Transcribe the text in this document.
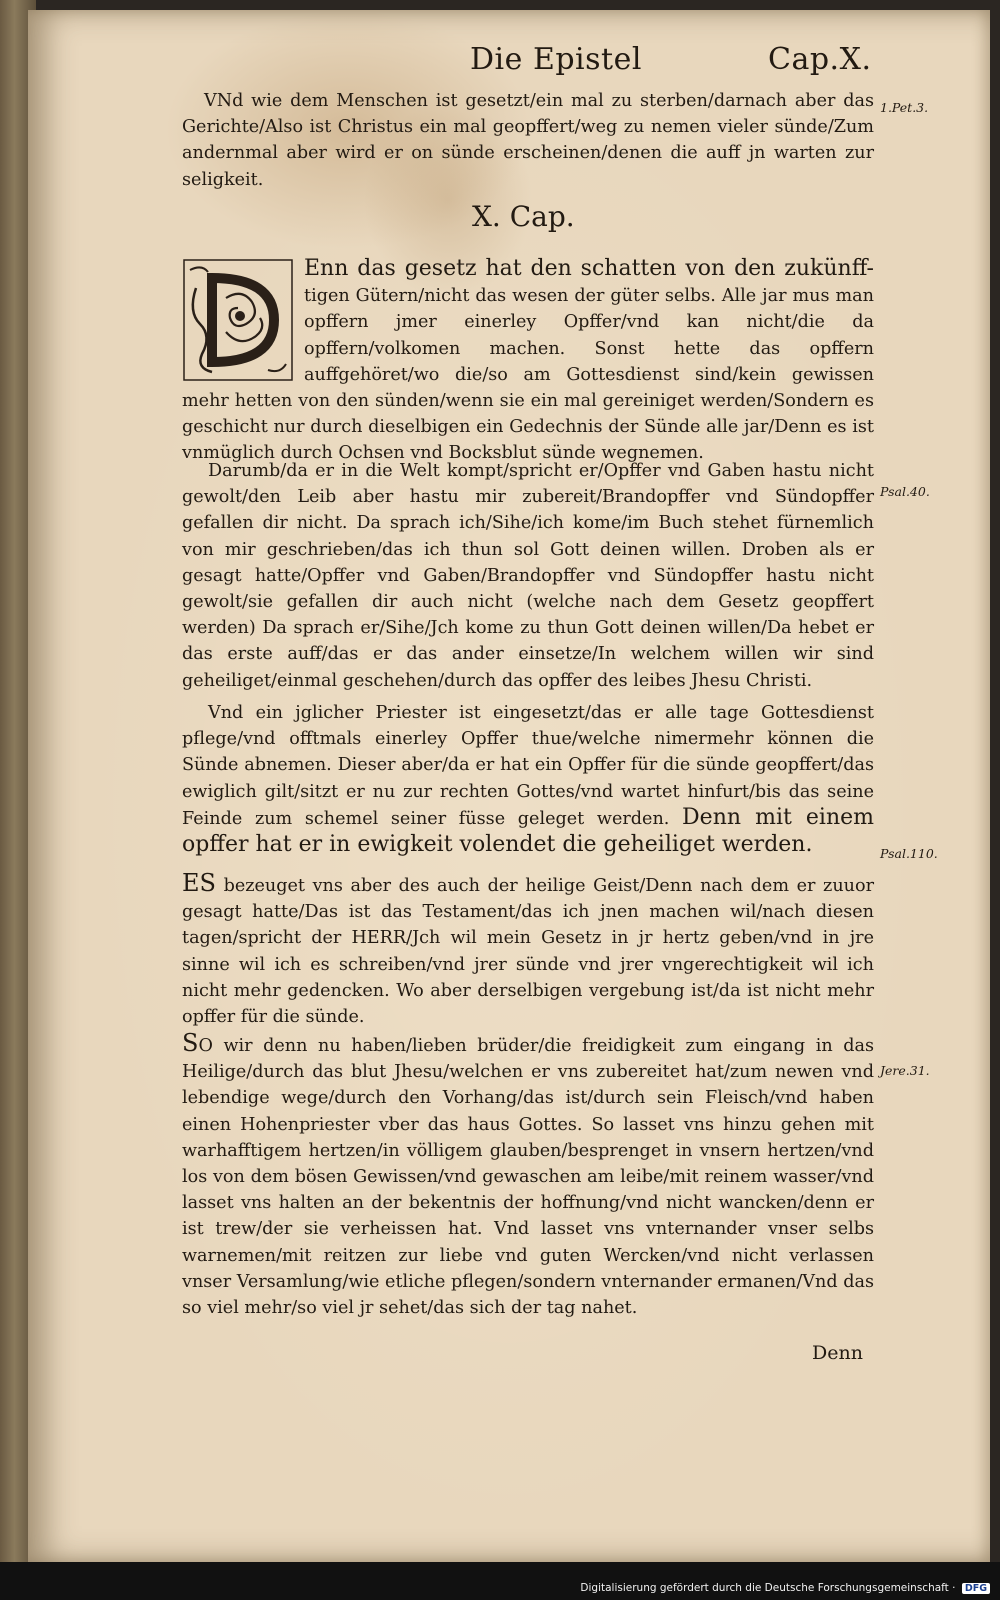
Die Epistel	Cap.X.
1.Pet.3.
Psal.40.
Psal.110.
Jere.31.
VNd wie dem Menschen ist gesetzt/ein mal zu sterben/darnach aber das Gerichte/Also ist Christus ein mal geopffert/weg zu nemen vieler sünde/Zum andernmal aber wird er on sünde erscheinen/denen die auff jn warten zur seligkeit.
X. Cap.
Enn das gesetz hat den schatten von den zukünff- tigen Gütern/nicht das wesen der güter selbs. Alle jar mus man opffern jmer einerley Opffer/vnd kan nicht/die da opffern/volkomen machen. Sonst hette das opffern auffgehöret/wo die/so am Gottesdienst sind/kein gewissen mehr hetten von den sünden/wenn sie ein mal gereiniget werden/Sondern es geschicht nur durch dieselbigen ein Gedechnis der Sünde alle jar/Denn es ist vnmüglich durch Ochsen vnd Bocksblut sünde wegnemen.
Darumb/da er in die Welt kompt/spricht er/Opffer vnd Gaben hastu nicht gewolt/den Leib aber hastu mir zubereit/Brandopffer vnd Sündopffer gefallen dir nicht. Da sprach ich/Sihe/ich kome/im Buch stehet fürnemlich von mir geschrieben/das ich thun sol Gott deinen willen. Droben als er gesagt hatte/Opffer vnd Gaben/Brandopffer vnd Sündopffer hastu nicht gewolt/sie gefallen dir auch nicht (welche nach dem Gesetz geopffert werden) Da sprach er/Sihe/Jch kome zu thun Gott deinen willen/Da hebet er das erste auff/das er das ander einsetze/In welchem willen wir sind geheiliget/einmal geschehen/durch das opffer des leibes Jhesu Christi.
Vnd ein jglicher Priester ist eingesetzt/das er alle tage Gottesdienst pflege/vnd offtmals einerley Opffer thue/welche nimermehr können die Sünde abnemen. Dieser aber/da er hat ein Opffer für die sünde geopffert/das ewiglich gilt/sitzt er nu zur rechten Gottes/vnd wartet hinfurt/bis das seine Feinde zum schemel seiner füsse geleget werden. Denn mit einem opffer hat er in ewigkeit volendet die geheiliget werden.
ES bezeuget vns aber des auch der heilige Geist/Denn nach dem er zuuor gesagt hatte/Das ist das Testament/das ich jnen machen wil/nach diesen tagen/spricht der HERR/Jch wil mein Gesetz in jr hertz geben/vnd in jre sinne wil ich es schreiben/vnd jrer sünde vnd jrer vngerechtigkeit wil ich nicht mehr gedencken. Wo aber derselbigen vergebung ist/da ist nicht mehr opffer für die sünde.
SO wir denn nu haben/lieben brüder/die freidigkeit zum eingang in das Heilige/durch das blut Jhesu/welchen er vns zubereitet hat/zum newen vnd lebendige wege/durch den Vorhang/das ist/durch sein Fleisch/vnd haben einen Hohenpriester vber das haus Gottes. So lasset vns hinzu gehen mit warhafftigem hertzen/in völligem glauben/besprenget in vnsern hertzen/vnd los von dem bösen Gewissen/vnd gewaschen am leibe/mit reinem wasser/vnd lasset vns halten an der bekentnis der hoffnung/vnd nicht wancken/denn er ist trew/der sie verheissen hat. Vnd lasset vns vnternander vnser selbs warnemen/mit reitzen zur liebe vnd guten Wercken/vnd nicht verlassen vnser Versamlung/wie etliche pflegen/sondern vnternander ermanen/Vnd das so viel mehr/so viel jr sehet/das sich der tag nahet.
Denn
Digitalisierung gefördert durch die Deutsche Forschungsgemeinschaft · DFG
